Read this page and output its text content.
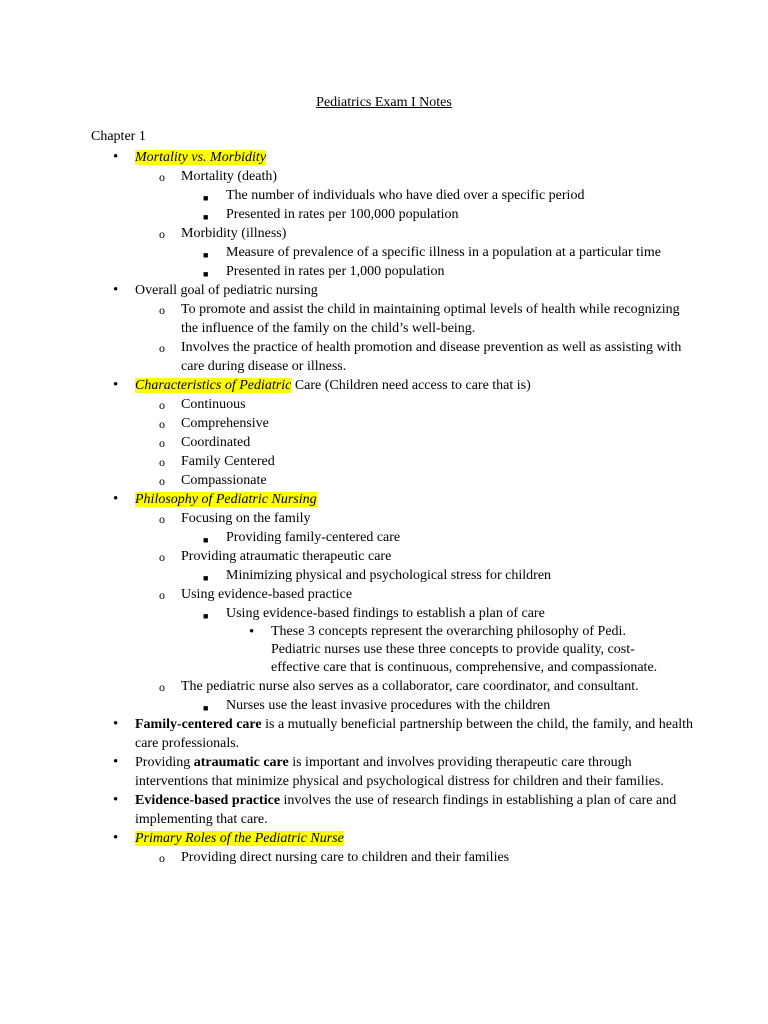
Pediatrics Exam I Notes
Chapter 1
• Mortality vs. Morbidity
o Mortality (death)
■ The number of individuals who have died over a specific period
■ Presented in rates per 100,000 population
o Morbidity (illness)
■ Measure of prevalence of a specific illness in a population at a particular time
■ Presented in rates per 1,000 population
• Overall goal of pediatric nursing
o To promote and assist the child in maintaining optimal levels of health while recognizing the influence of the family on the child’s well-being.
o Involves the practice of health promotion and disease prevention as well as assisting with care during disease or illness.
• Characteristics of Pediatric Care (Children need access to care that is)
o Continuous
o Comprehensive
o Coordinated
o Family Centered
o Compassionate
• Philosophy of Pediatric Nursing
o Focusing on the family
■ Providing family-centered care
o Providing atraumatic therapeutic care
■ Minimizing physical and psychological stress for children
o Using evidence-based practice
■ Using evidence-based findings to establish a plan of care
• These 3 concepts represent the overarching philosophy of Pedi. Pediatric nurses use these three concepts to provide quality, cost-effective care that is continuous, comprehensive, and compassionate.
o The pediatric nurse also serves as a collaborator, care coordinator, and consultant.
■ Nurses use the least invasive procedures with the children
• Family-centered care is a mutually beneficial partnership between the child, the family, and health care professionals.
• Providing atraumatic care is important and involves providing therapeutic care through interventions that minimize physical and psychological distress for children and their families.
• Evidence-based practice involves the use of research findings in establishing a plan of care and implementing that care.
• Primary Roles of the Pediatric Nurse
o Providing direct nursing care to children and their families
